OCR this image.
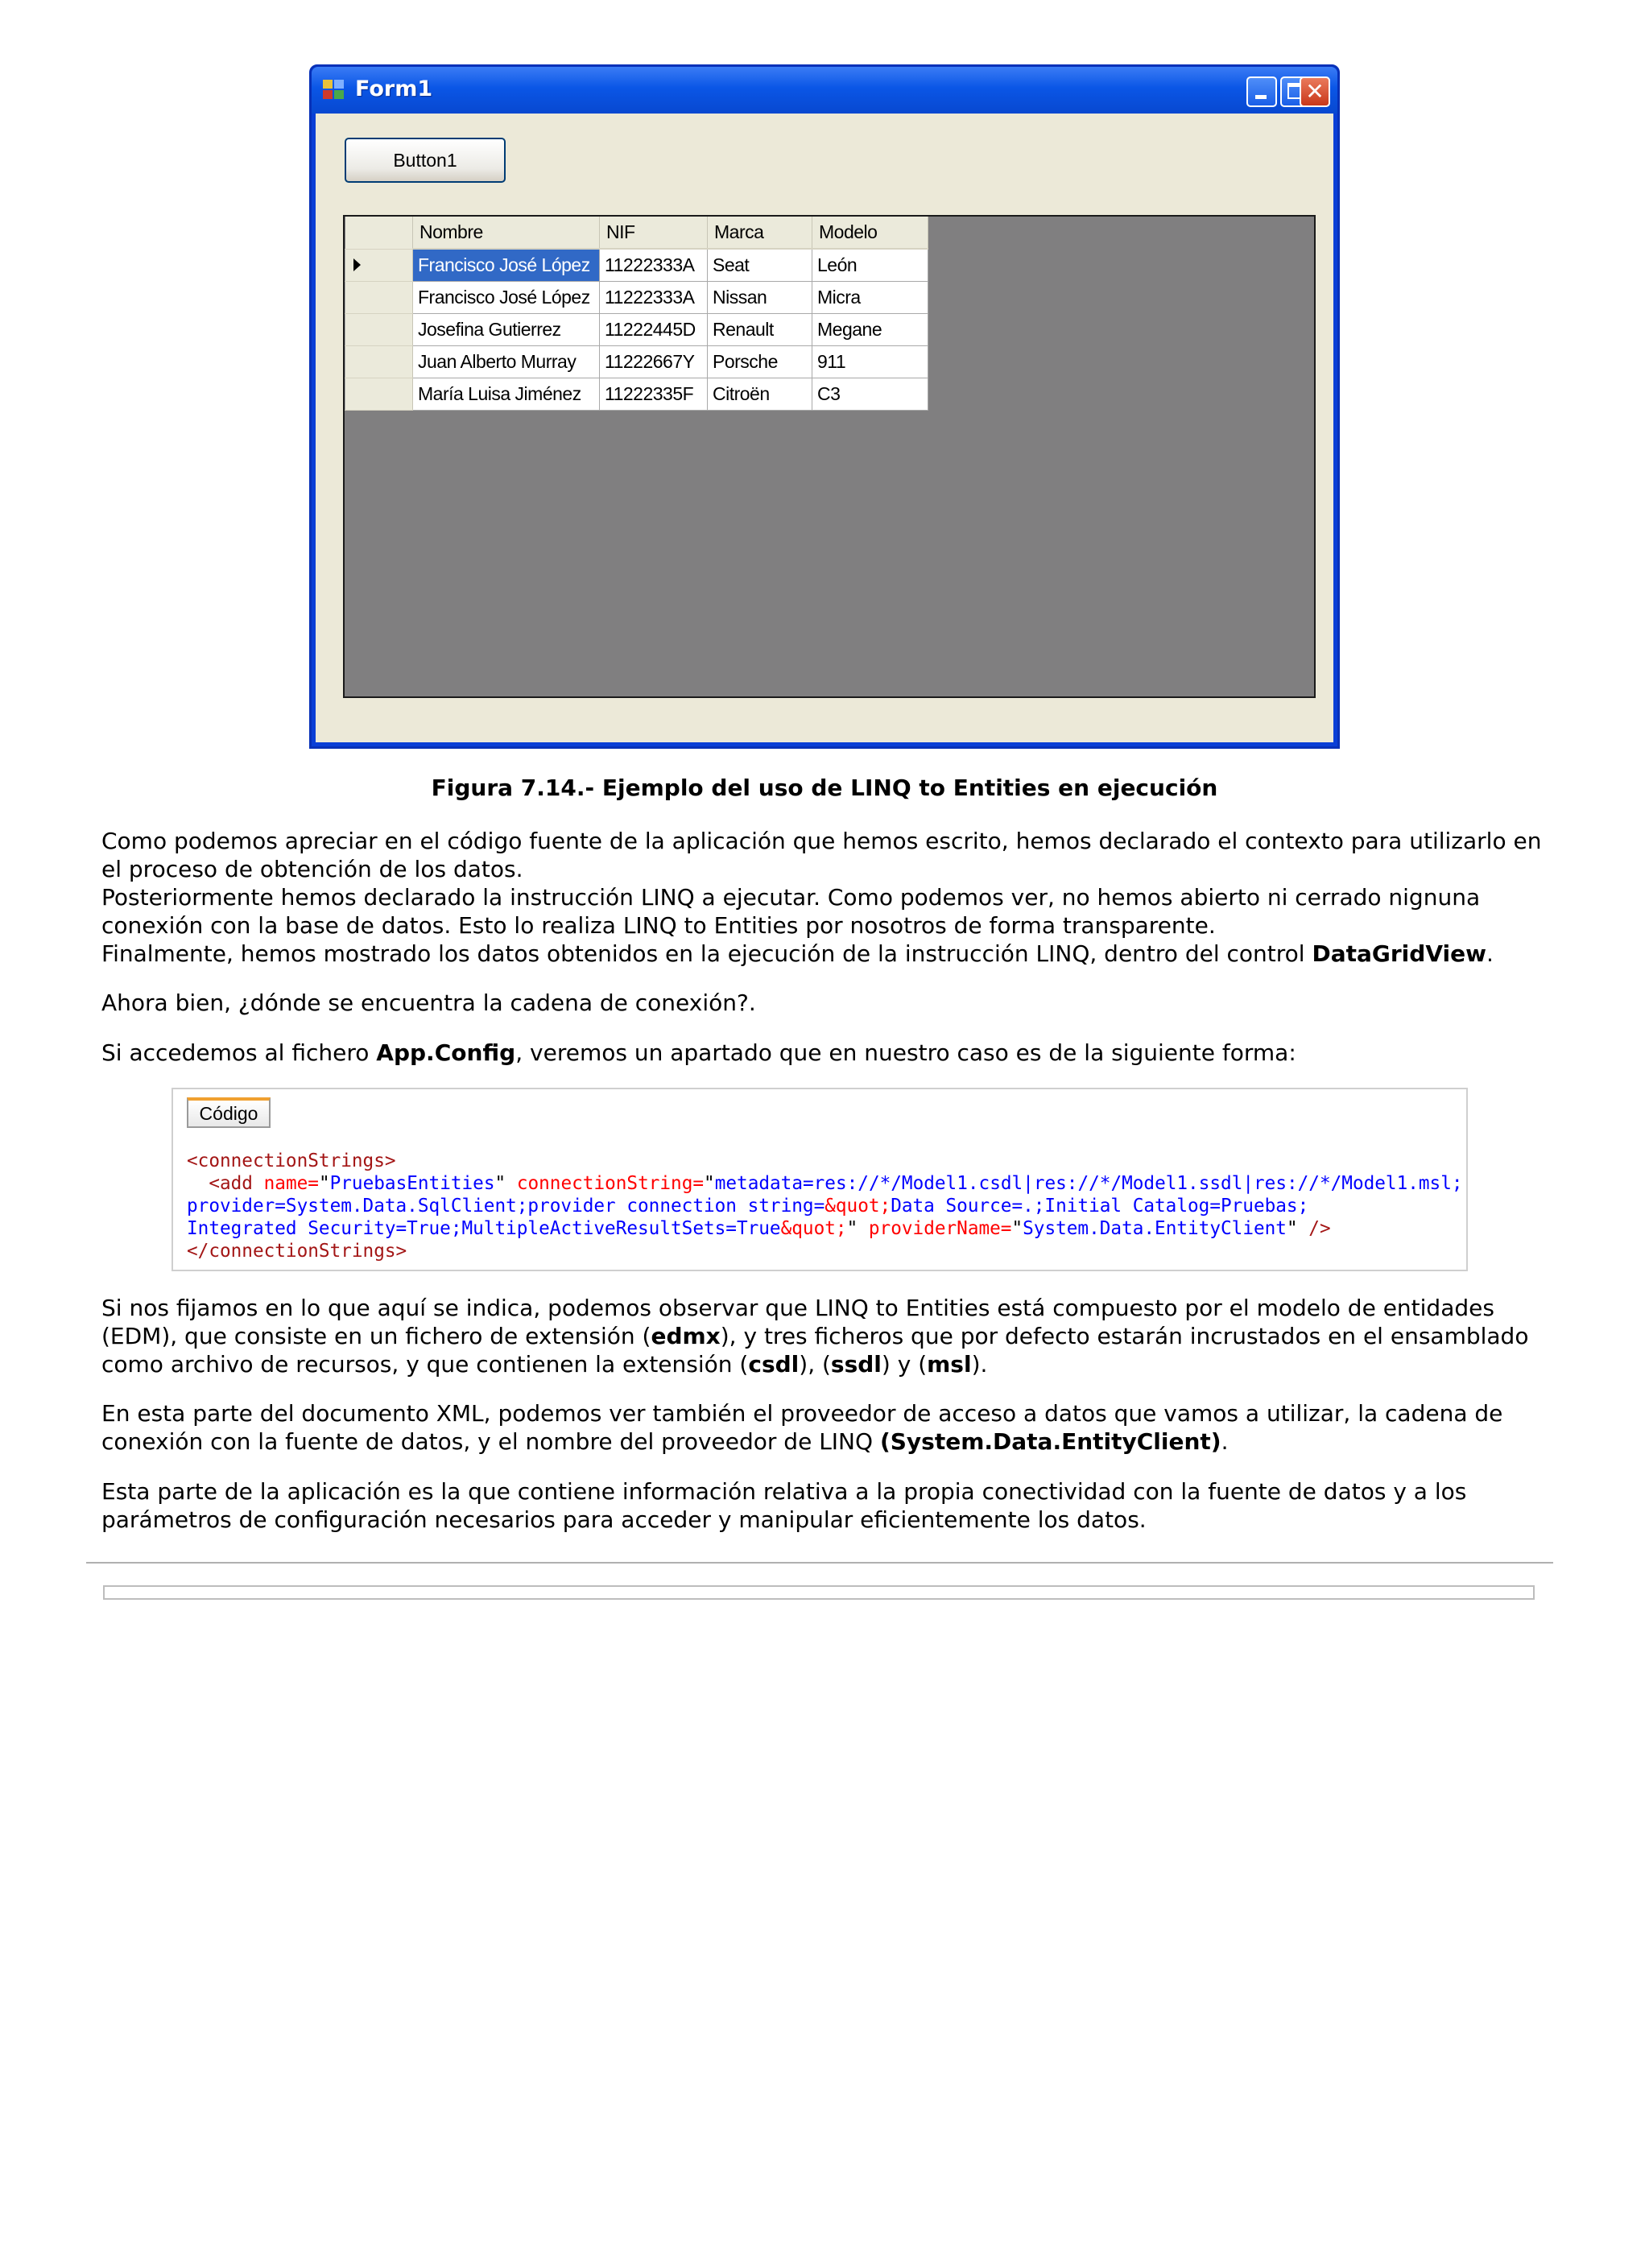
Form1	✕
Button1
	Nombre	NIF	Marca	Modelo
	Francisco José López	11222333A	Seat	León
	Francisco José López	11222333A	Nissan	Micra
	Josefina Gutierrez	11222445D	Renault	Megane
	Juan Alberto Murray	11222667Y	Porsche	911
	María Luisa Jiménez	11222335F	Citroën	C3
Figura 7.14.- Ejemplo del uso de LINQ to Entities en ejecución
Como podemos apreciar en el código fuente de la aplicación que hemos escrito, hemos declarado el contexto para utilizarlo en
el proceso de obtención de los datos.
Posteriormente hemos declarado la instrucción LINQ a ejecutar. Como podemos ver, no hemos abierto ni cerrado nignuna
conexión con la base de datos. Esto lo realiza LINQ to Entities por nosotros de forma transparente.
Finalmente, hemos mostrado los datos obtenidos en la ejecución de la instrucción LINQ, dentro del control DataGridView.
Ahora bien, ¿dónde se encuentra la cadena de conexión?.
Si accedemos al fichero App.Config, veremos un apartado que en nuestro caso es de la siguiente forma:
Código
<connectionStrings>
<add name="PruebasEntities" connectionString="metadata=res://*/Model1.csdl|res://*/Model1.ssdl|res://*/Model1.msl;
provider=System.Data.SqlClient;provider connection string=&quot;Data Source=.;Initial Catalog=Pruebas;
Integrated Security=True;MultipleActiveResultSets=True&quot;" providerName="System.Data.EntityClient" />
</connectionStrings>
Si nos fijamos en lo que aquí se indica, podemos observar que LINQ to Entities está compuesto por el modelo de entidades
(EDM), que consiste en un fichero de extensión (edmx), y tres ficheros que por defecto estarán incrustados en el ensamblado
como archivo de recursos, y que contienen la extensión (csdl), (ssdl) y (msl).
En esta parte del documento XML, podemos ver también el proveedor de acceso a datos que vamos a utilizar, la cadena de
conexión con la fuente de datos, y el nombre del proveedor de LINQ (System.Data.EntityClient).
Esta parte de la aplicación es la que contiene información relativa a la propia conectividad con la fuente de datos y a los
parámetros de configuración necesarios para acceder y manipular eficientemente los datos.
